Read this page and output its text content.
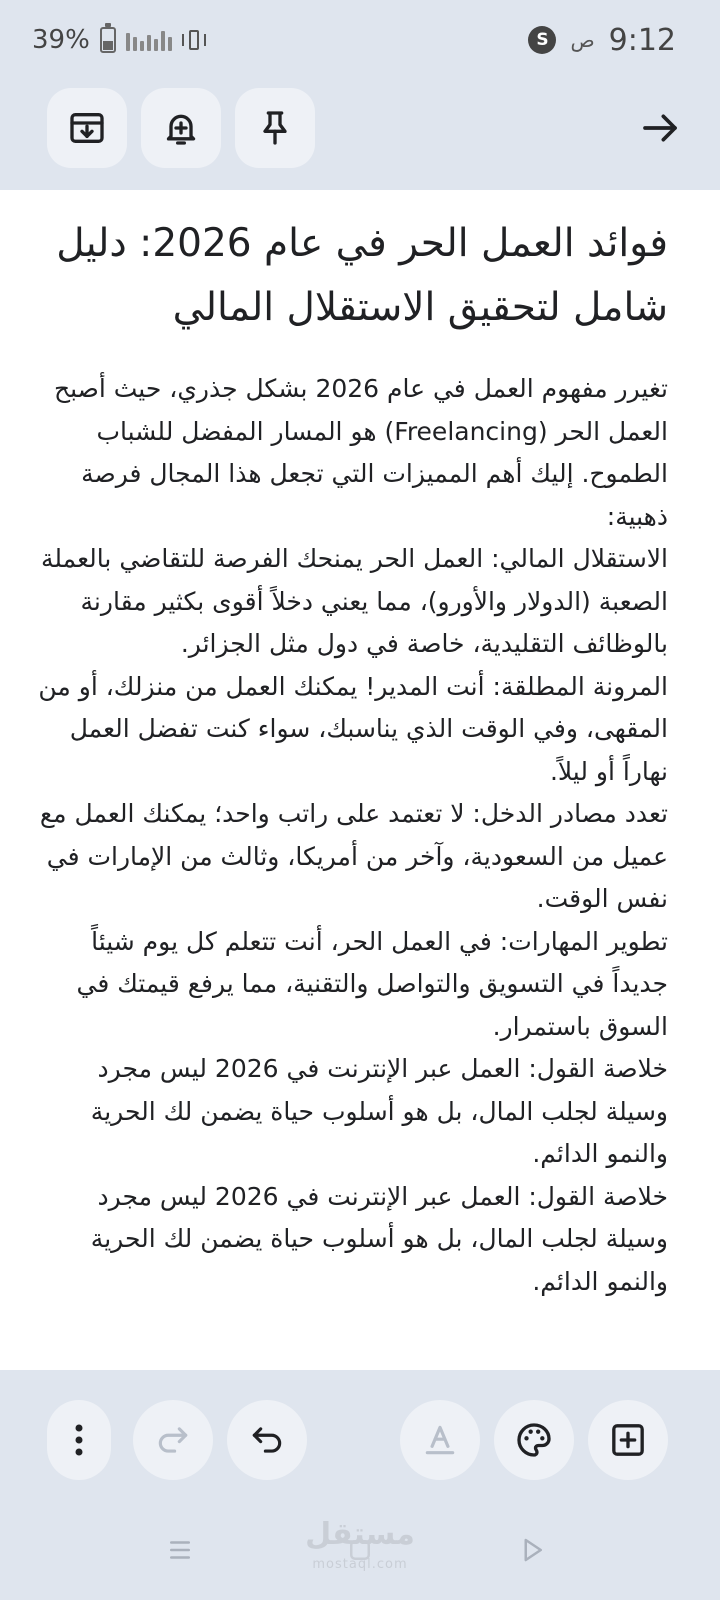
39%	S	ص 9:12
فوائد العمل الحر في عام 2026: دليل شامل لتحقيق الاستقلال المالي

تغيرر مفهوم العمل في عام 2026 بشكل جذري، حيث أصبح العمل الحر (Freelancing) هو المسار المفضل للشباب الطموح. إليك أهم المميزات التي تجعل هذا المجال فرصة ذهبية:

الاستقلال المالي: العمل الحر يمنحك الفرصة للتقاضي بالعملة الصعبة (الدولار والأورو)، مما يعني دخلاً أقوى بكثير مقارنة بالوظائف التقليدية، خاصة في دول مثل الجزائر.

المرونة المطلقة: أنت المدير! يمكنك العمل من منزلك، أو من المقهى، وفي الوقت الذي يناسبك، سواء كنت تفضل العمل نهاراً أو ليلاً.

تعدد مصادر الدخل: لا تعتمد على راتب واحد؛ يمكنك العمل مع عميل من السعودية، وآخر من أمريكا، وثالث من الإمارات في نفس الوقت.

تطوير المهارات: في العمل الحر، أنت تتعلم كل يوم شيئاً جديداً في التسويق والتواصل والتقنية، مما يرفع قيمتك في السوق باستمرار.

خلاصة القول: العمل عبر الإنترنت في 2026 ليس مجرد وسيلة لجلب المال، بل هو أسلوب حياة يضمن لك الحرية والنمو الدائم.

خلاصة القول: العمل عبر الإنترنت في 2026 ليس مجرد وسيلة لجلب المال، بل هو أسلوب حياة يضمن لك الحرية والنمو الدائم.

مستقل
mostaql.com
